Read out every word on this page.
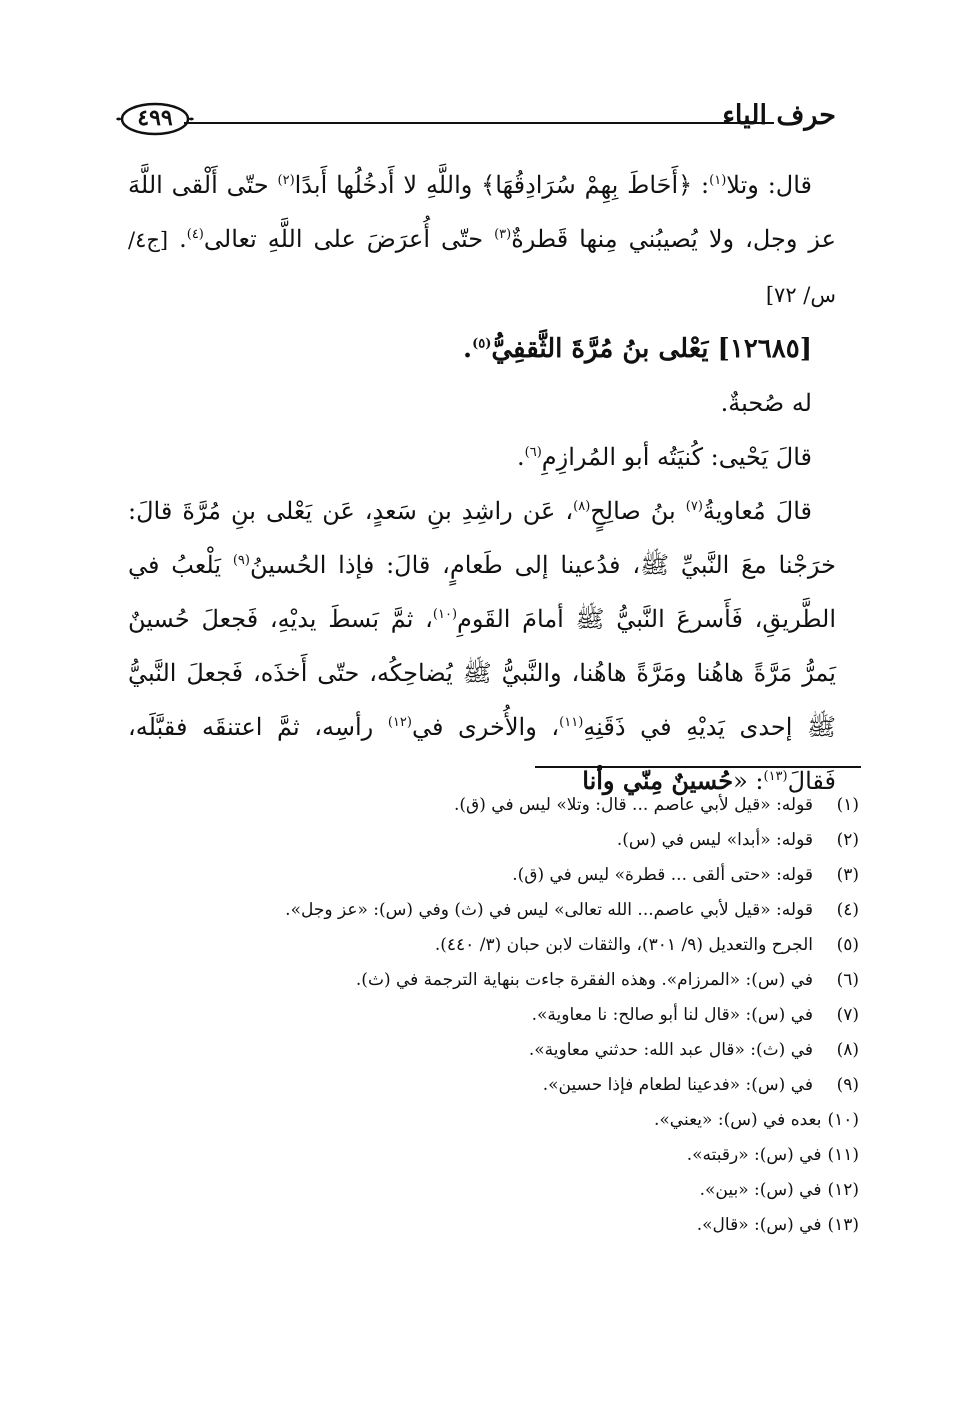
حرف الياء
٤٩٩

قال: وتلا$^{(١)}$: ﴿أَحَاطَ بِهِمْ سُرَادِقُهَا﴾ واللَّهِ لا أَدخُلُها أَبدًا$^{(٢)}$ حتّى أَلْقى اللَّهَ عز وجل، ولا يُصيبُني مِنها قَطرةٌ$^{(٣)}$ حتّى أُعرَضَ على اللَّهِ تعالى$^{(٤)}$. [ج٤/ س/ ٧٢]

[١٢٦٨٥] يَعْلى بنُ مُرَّةَ الثَّقفِيُّ$^{(٥)}$.

له صُحبةٌ.

قالَ يَحْيى: كُنيَتُه أبو المُرازِمِ$^{(٦)}$.

قالَ مُعاويةُ$^{(٧)}$ بنُ صالِحٍ$^{(٨)}$، عَن راشِدِ بنِ سَعدٍ، عَن يَعْلى بنِ مُرَّةَ قالَ: خرَجْنا معَ النَّبيِّ ﷺ، فدُعينا إلى طَعامٍ، قالَ: فإذا الحُسينُ$^{(٩)}$ يَلْعبُ في الطَّريقِ، فَأَسرعَ النَّبيُّ ﷺ أمامَ القَومِ$^{(١٠)}$، ثمَّ بَسطَ يديْهِ، فَجعلَ حُسينٌ يَمرُّ مَرَّةً هاهُنا ومَرَّةً هاهُنا، والنَّبيُّ ﷺ يُضاحِكُه، حتّى أَخذَه، فَجعلَ النَّبيُّ ﷺ إحدى يَديْهِ في ذَقَنِهِ$^{(١١)}$، والأُخرى في$^{(١٢)}$ رأسِه، ثمَّ اعتنقَه فقبَّلَه، فَقالَ$^{(١٣)}$: «حُسينٌ مِنّي وأنا

(١)
قوله: «قيل لأبي عاصم ... قال: وتلا» ليس في (ق).
(٢)
قوله: «أبدا» ليس في (س).
(٣)
قوله: «حتى ألقى ... قطرة» ليس في (ق).
(٤)
قوله: «قيل لأبي عاصم... الله تعالى» ليس في (ث) وفي (س): «عز وجل».
(٥)
الجرح والتعديل (٩/ ٣٠١)، والثقات لابن حبان (٣/ ٤٤٠).
(٦)
في (س): «المرزام». وهذه الفقرة جاءت بنهاية الترجمة في (ث).
(٧)
في (س): «قال لنا أبو صالح: نا معاوية».
(٨)
في (ث): «قال عبد الله: حدثني معاوية».
(٩)
في (س): «فدعينا لطعام فإذا حسين».
(١٠)
بعده في (س): «يعني».
(١١)
في (س): «رقبته».
(١٢)
في (س): «بين».
(١٣)
في (س): «قال».
